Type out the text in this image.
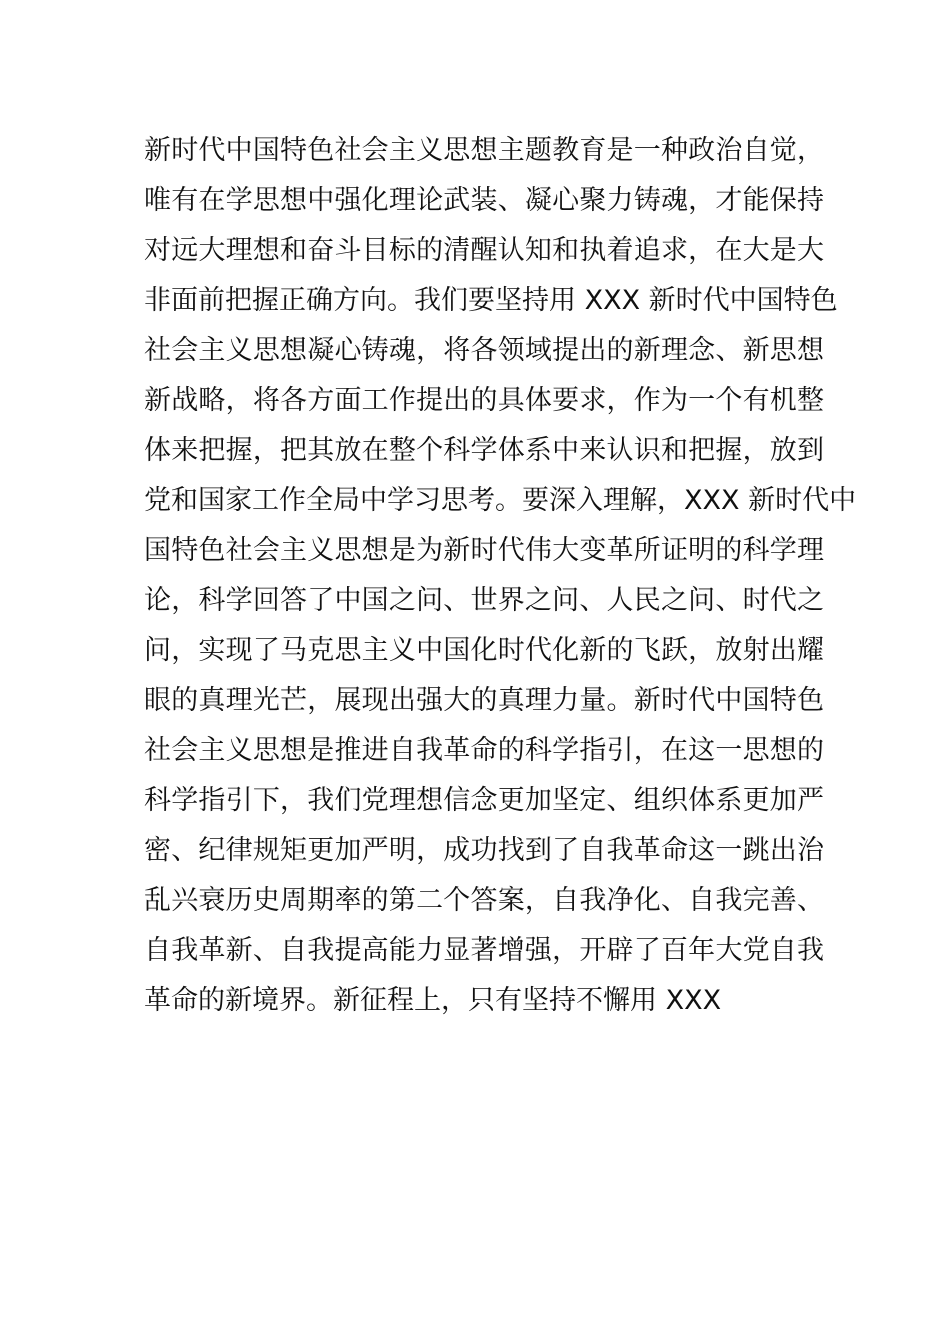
新时代中国特色社会主义思想主题教育是一种政治自觉，
唯有在学思想中强化理论武装、凝心聚力铸魂，才能保持
对远大理想和奋斗目标的清醒认知和执着追求，在大是大
非面前把握正确方向。我们要坚持用 XXX 新时代中国特色
社会主义思想凝心铸魂，将各领域提出的新理念、新思想
新战略，将各方面工作提出的具体要求，作为一个有机整
体来把握，把其放在整个科学体系中来认识和把握，放到
党和国家工作全局中学习思考。要深入理解，XXX 新时代中
国特色社会主义思想是为新时代伟大变革所证明的科学理
论，科学回答了中国之问、世界之问、人民之问、时代之
问，实现了马克思主义中国化时代化新的飞跃，放射出耀
眼的真理光芒，展现出强大的真理力量。新时代中国特色
社会主义思想是推进自我革命的科学指引，在这一思想的
科学指引下，我们党理想信念更加坚定、组织体系更加严
密、纪律规矩更加严明，成功找到了自我革命这一跳出治
乱兴衰历史周期率的第二个答案，自我净化、自我完善、
自我革新、自我提高能力显著增强，开辟了百年大党自我
革命的新境界。新征程上，只有坚持不懈用 XXX
